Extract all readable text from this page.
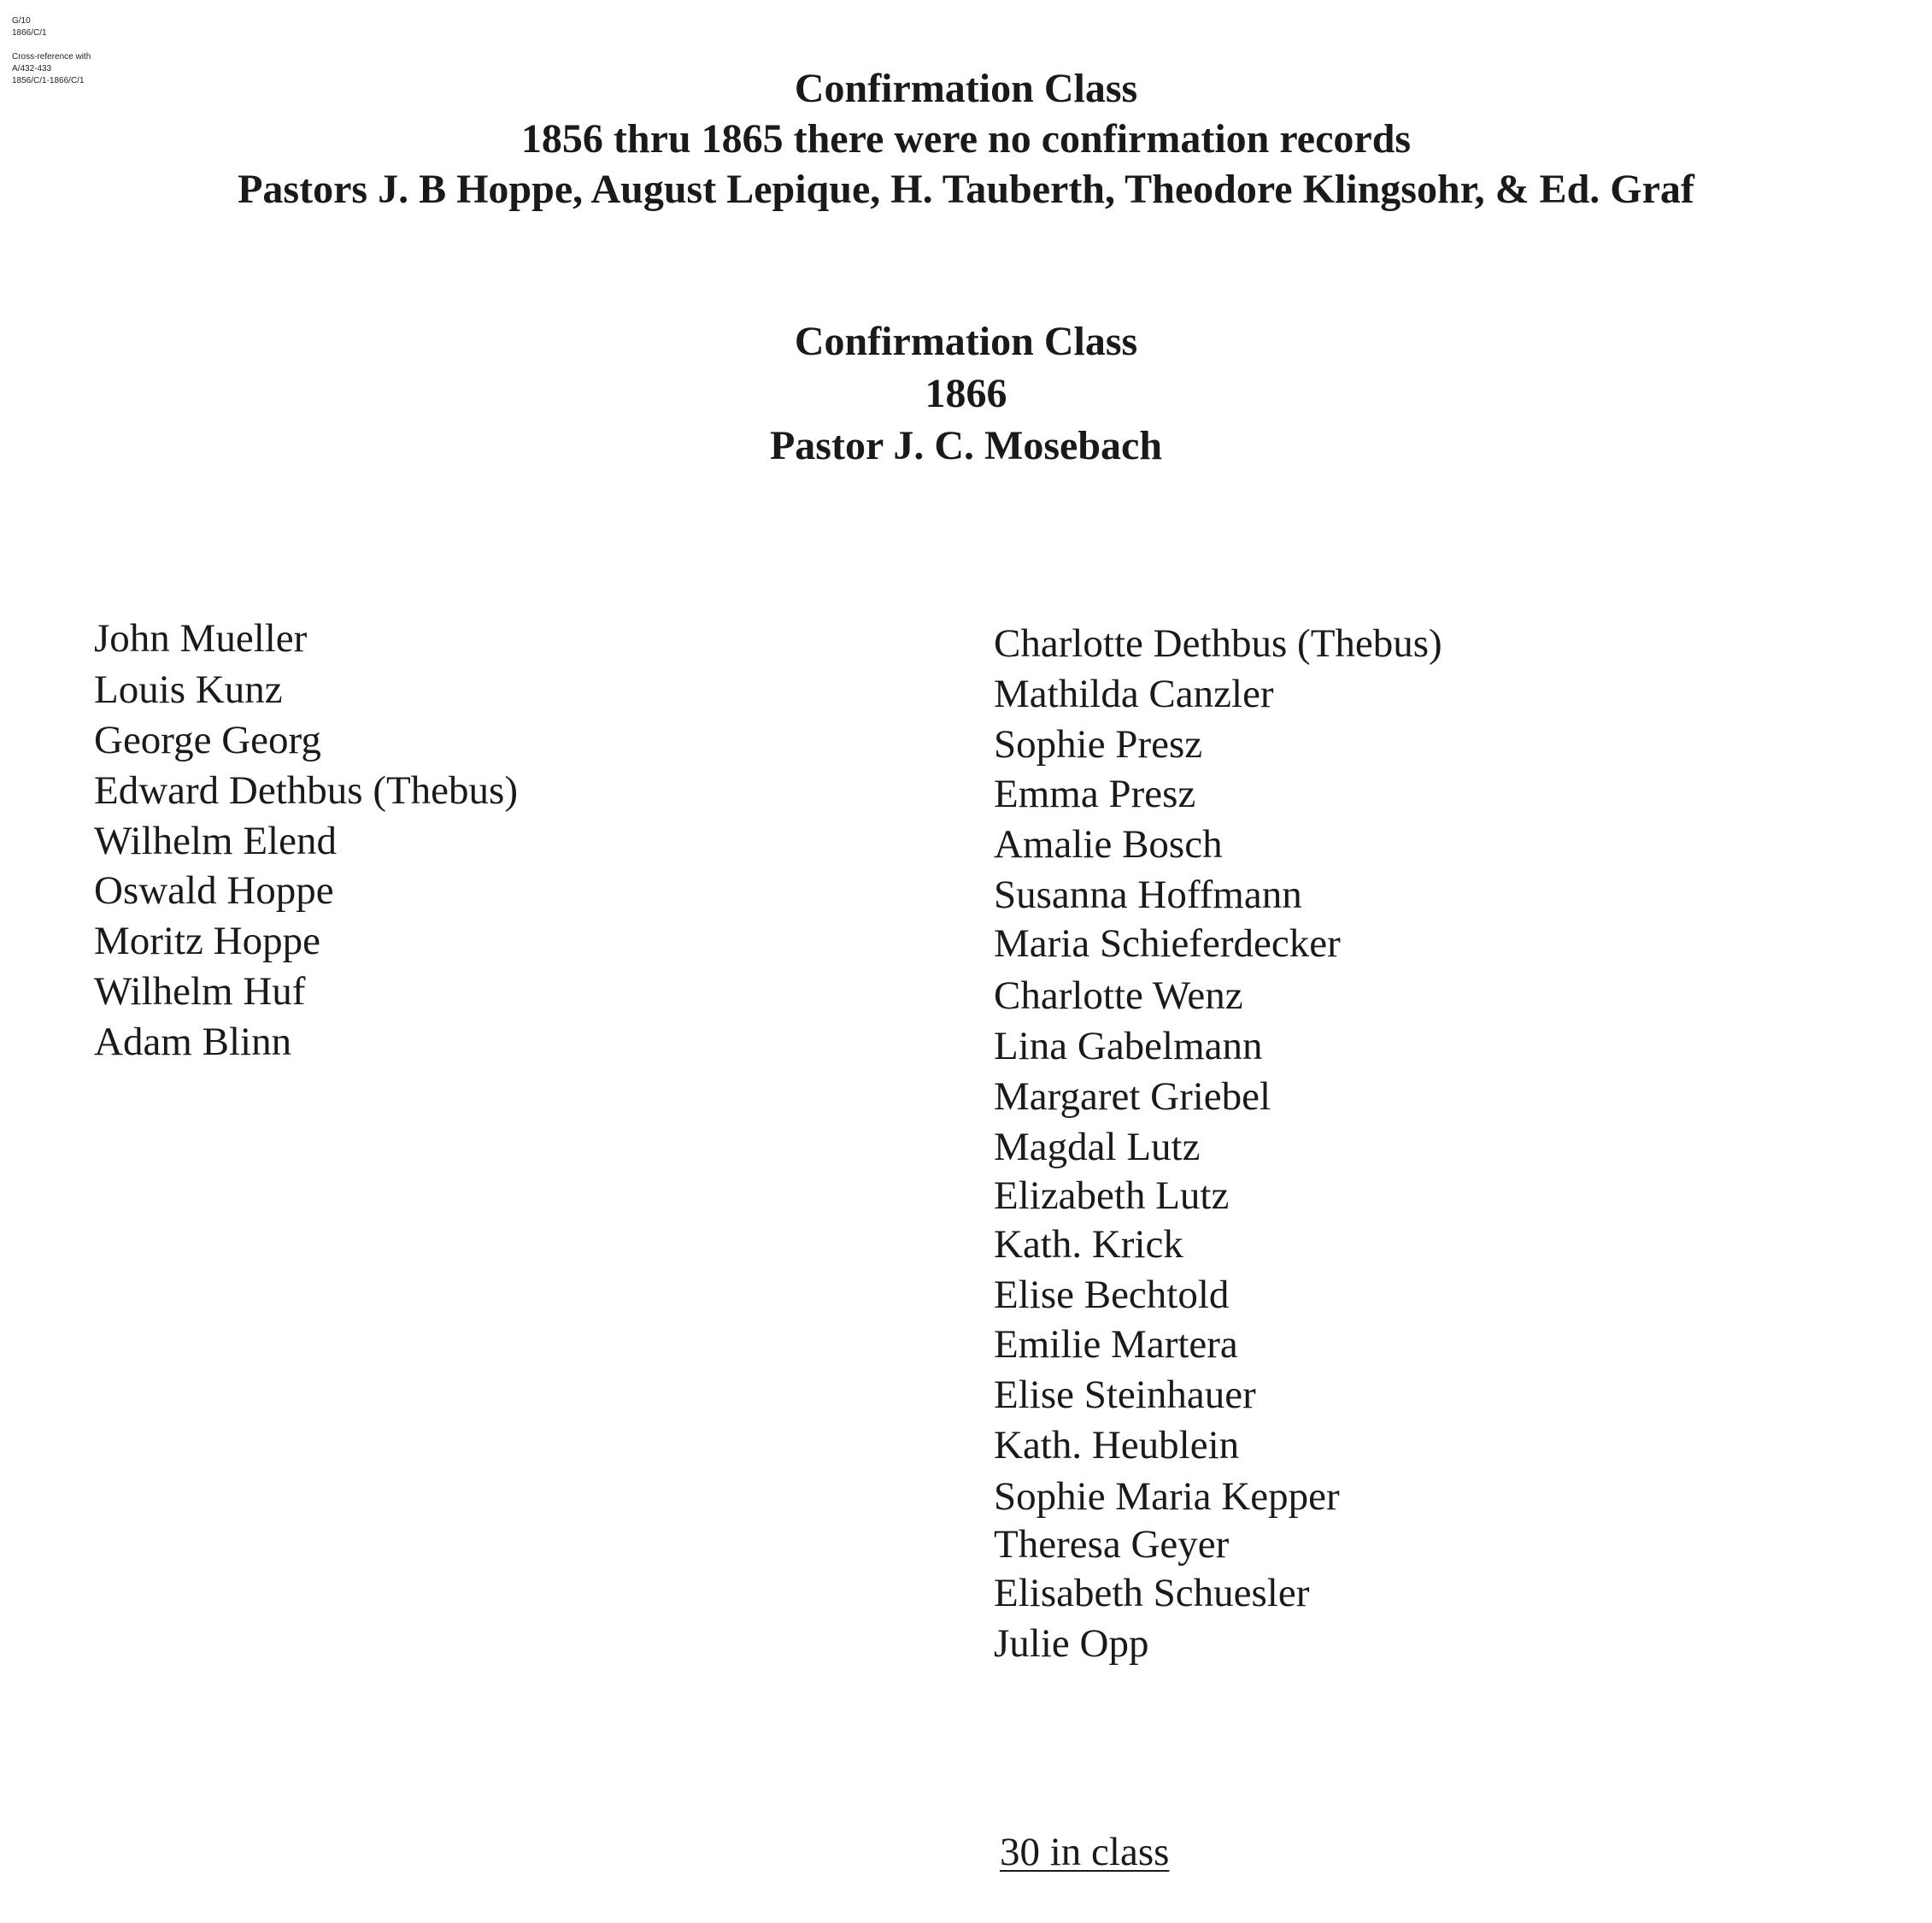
G/10
1866/C/1
Cross-reference with
A/432-433
1856/C/1-1866/C/1	Confirmation Class
1856 thru 1865 there were no confirmation records
Pastors J. B Hoppe, August Lepique, H. Tauberth, Theodore Klingsohr, & Ed. Graf
Confirmation Class
1866
Pastor J. C. Mosebach
John Mueller
Louis Kunz
George Georg
Edward Dethbus (Thebus)
Wilhelm Elend
Oswald Hoppe
Moritz Hoppe
Wilhelm Huf
Adam Blinn
Charlotte Dethbus (Thebus)
Mathilda Canzler
Sophie Presz
Emma Presz
Amalie Bosch
Susanna Hoffmann
Maria Schieferdecker
Charlotte Wenz
Lina Gabelmann
Margaret Griebel
Magdal Lutz
Elizabeth Lutz
Kath. Krick
Elise Bechtold
Emilie Martera
Elise Steinhauer
Kath. Heublein
Sophie Maria Kepper
Theresa Geyer
Elisabeth Schuesler
Julie Opp
30 in class
